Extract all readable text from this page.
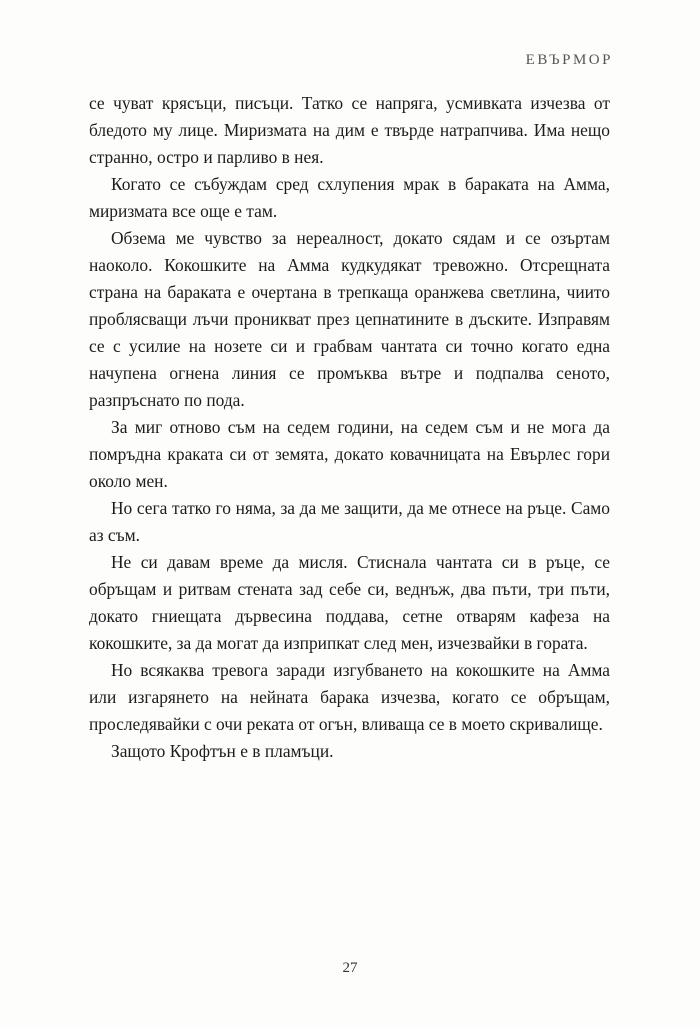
ЕВЪРМОР

се чуват крясъци, писъци. Татко се напряга, усмивката изчезва от бледото му лице. Миризмата на дим е твърде натрапчива. Има нещо странно, остро и парливо в нея.

Когато се събуждам сред схлупения мрак в бараката на Амма, миризмата все още е там.

Обзема ме чувство за нереалност, докато сядам и се озъртам наоколо. Кокошките на Амма кудкудякат тревожно. Отсрещната страна на бараката е очертана в трепкаща оранжева светлина, чиито проблясващи лъчи проникват през цепнатините в дъските. Изправям се с усилие на нозете си и грабвам чантата си точно когато една начупена огнена линия се промъква вътре и подпалва сеното, разпръснато по пода.

За миг отново съм на седем години, на седем съм и не мога да помръдна краката си от земята, докато ковачницата на Евърлес гори около мен.

Но сега татко го няма, за да ме защити, да ме отнесе на ръце. Само аз съм.

Не си давам време да мисля. Стиснала чантата си в ръце, се обръщам и ритвам стената зад себе си, веднъж, два пъти, три пъти, докато гниещата дървесина поддава, сетне отварям кафеза на кокошките, за да могат да изприпкат след мен, изчезвайки в гората.

Но всякаква тревога заради изгубването на кокошките на Амма или изгарянето на нейната барака изчезва, когато се обръщам, проследявайки с очи реката от огън, вливаща се в моето скривалище.

Защото Крофтън е в пламъци.

27
